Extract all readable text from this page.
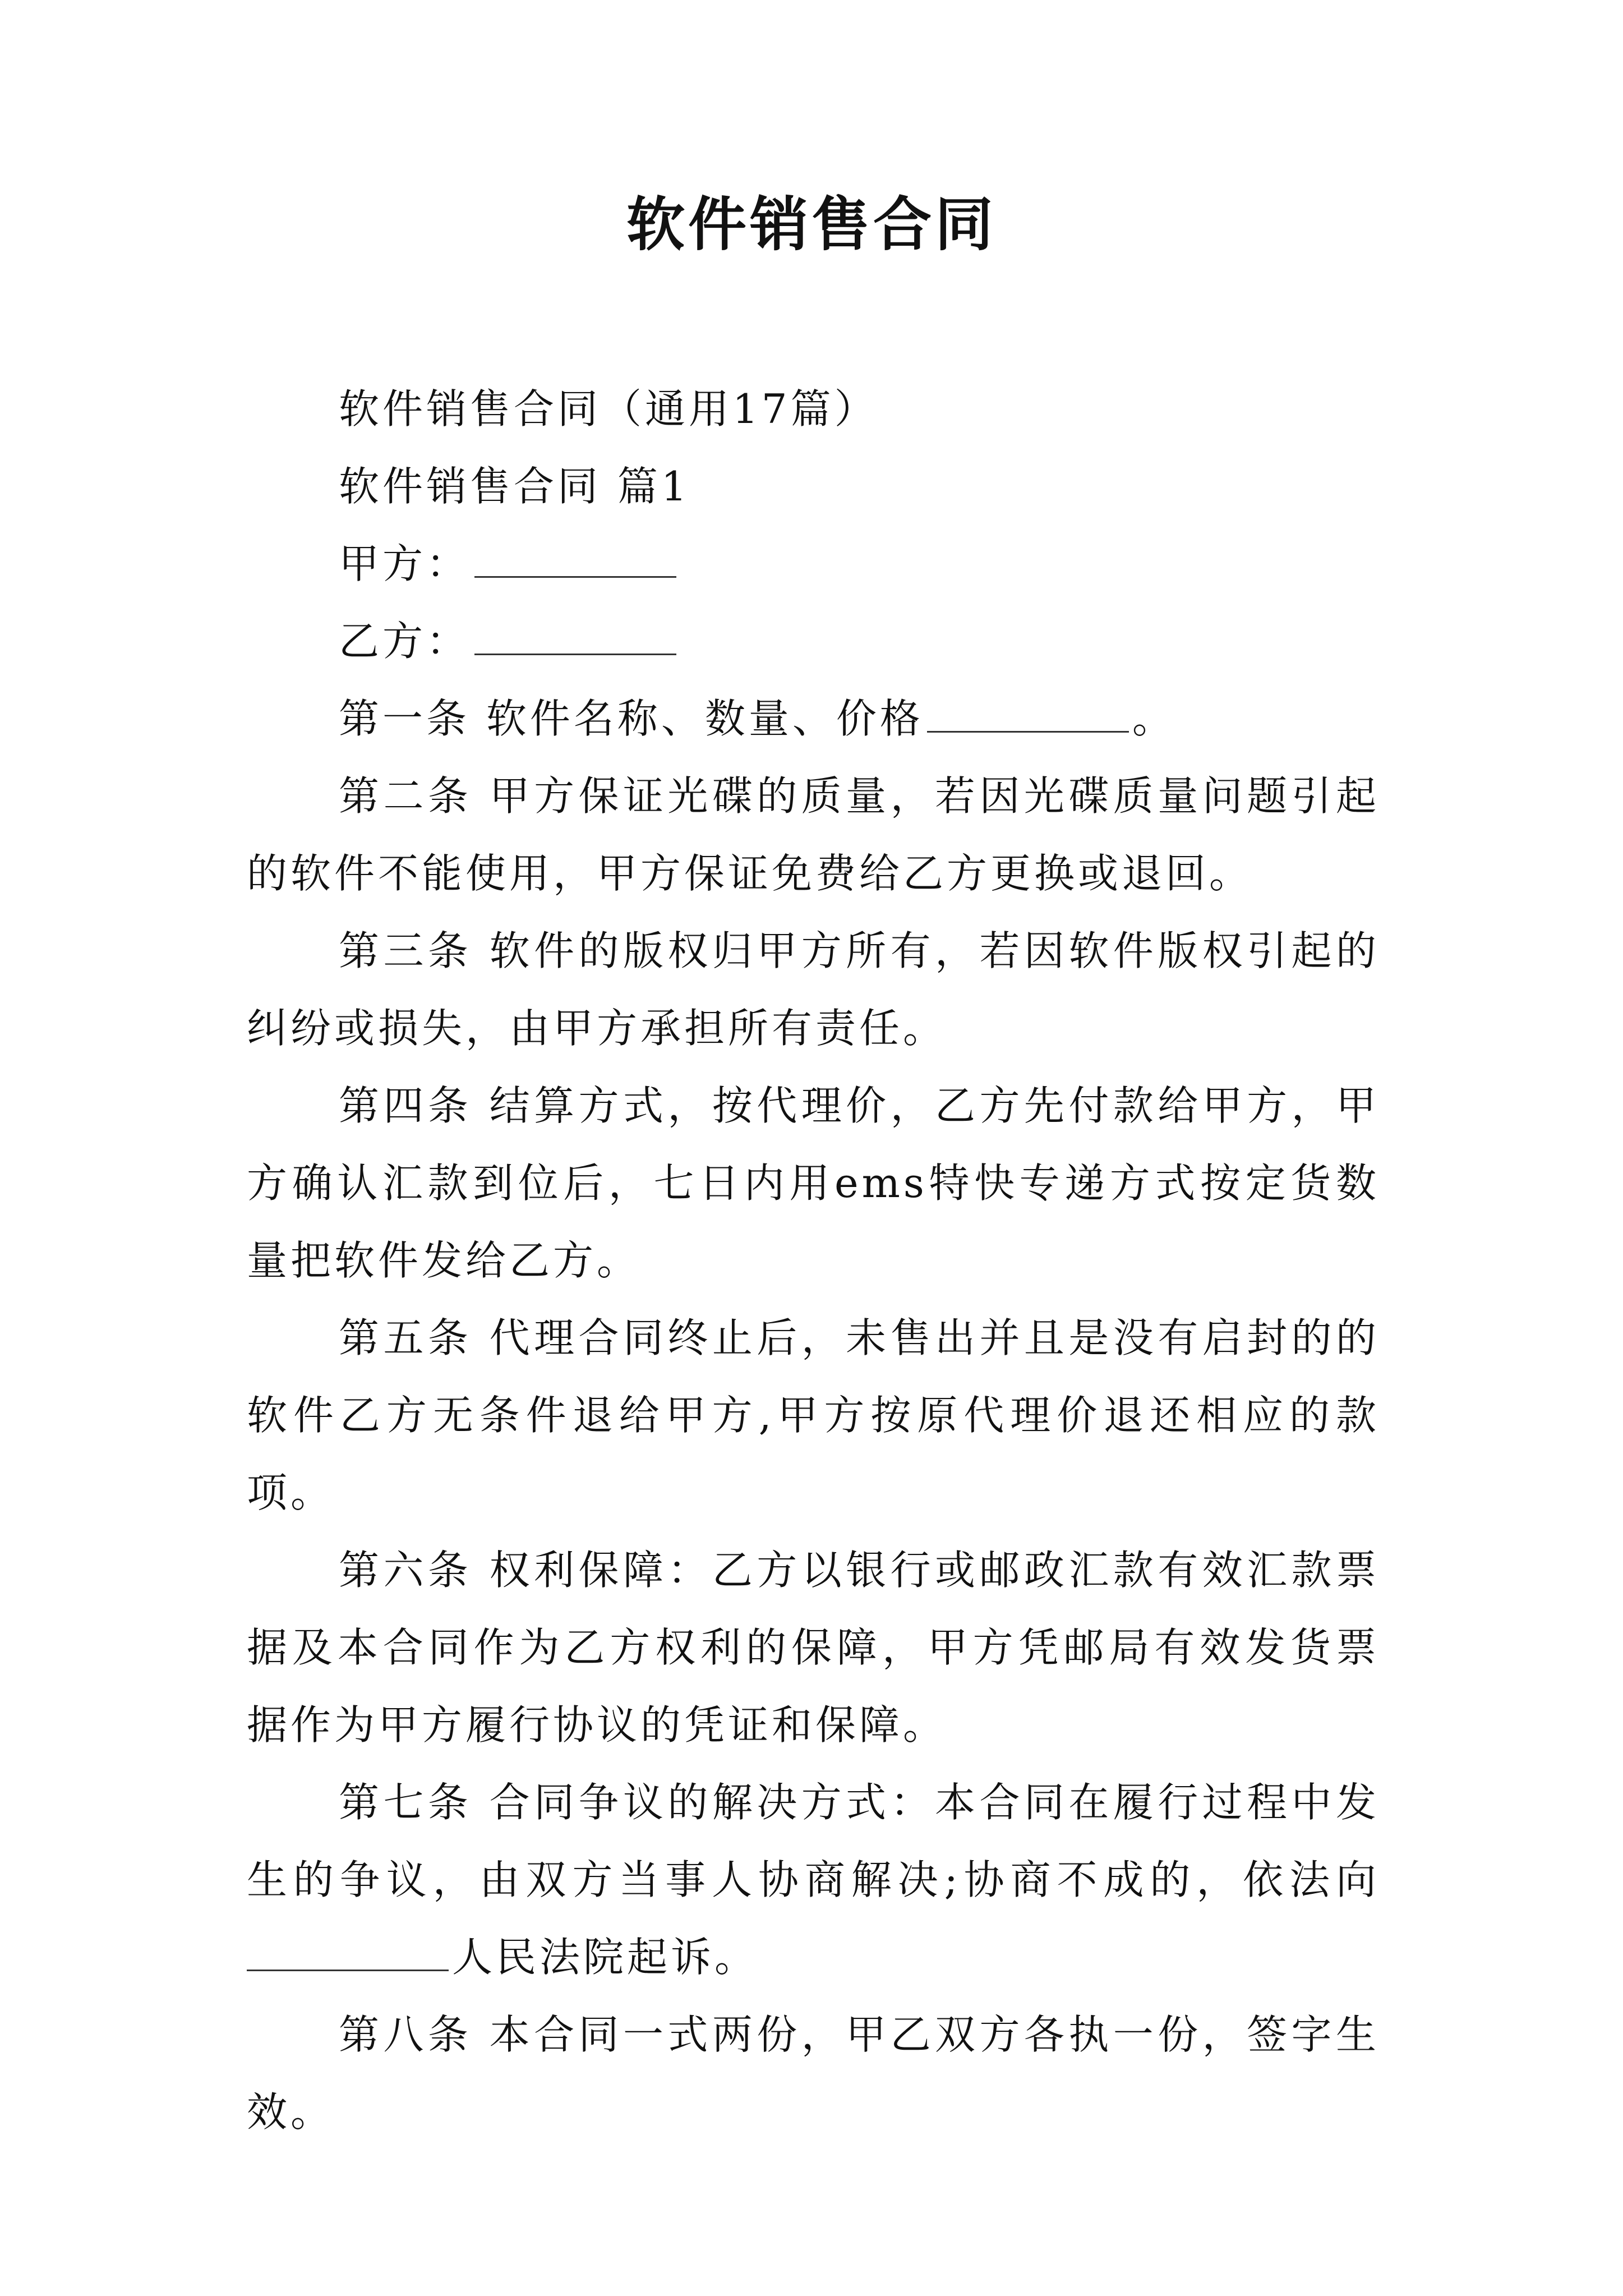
软件销售合同

软件销售合同（通用17篇）

软件销售合同 篇1

甲方：

乙方：

第一条 软件名称、数量、价格	。

第二条 甲方保证光碟的质量，若因光碟质量问题引起的软件不能使用，甲方保证免费给乙方更换或退回。

第三条 软件的版权归甲方所有，若因软件版权引起的纠纷或损失，由甲方承担所有责任。

第四条 结算方式，按代理价，乙方先付款给甲方，甲方确认汇款到位后，七日内用ems特快专递方式按定货数量把软件发给乙方。

第五条 代理合同终止后，未售出并且是没有启封的的软件乙方无条件退给甲方,甲方按原代理价退还相应的款项。

第六条 权利保障：乙方以银行或邮政汇款有效汇款票据及本合同作为乙方权利的保障，甲方凭邮局有效发货票据作为甲方履行协议的凭证和保障。

第七条 合同争议的解决方式：本合同在履行过程中发生的争议，由双方当事人协商解决;协商不成的，依法向人民法院起诉。

第八条 本合同一式两份，甲乙双方各执一份，签字生效。
